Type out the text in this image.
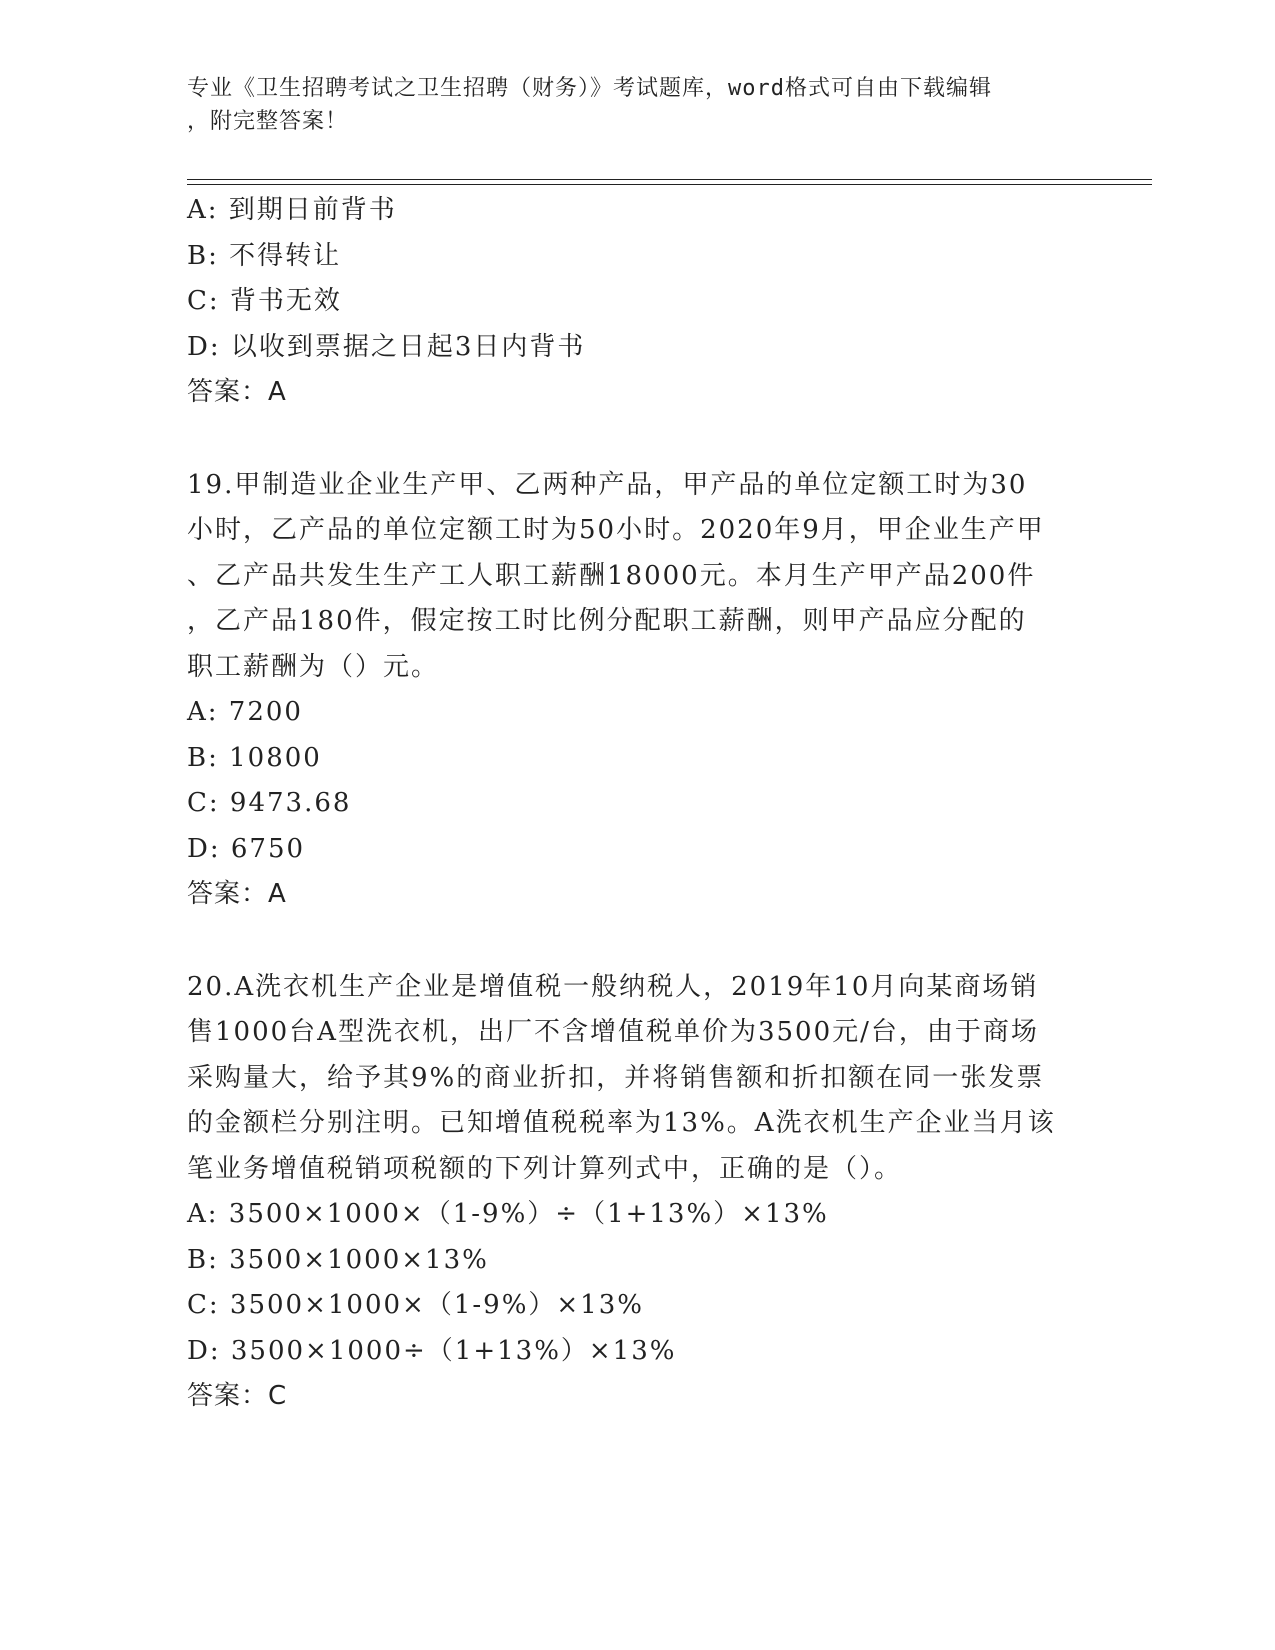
专业《卫生招聘考试之卫生招聘（财务）》考试题库，word格式可自由下载编辑
，附完整答案！
A: 到期日前背书
B: 不得转让
C: 背书无效
D: 以收到票据之日起3日内背书
答案：A
19.甲制造业企业生产甲、乙两种产品，甲产品的单位定额工时为30
小时，乙产品的单位定额工时为50小时。2020年9月，甲企业生产甲
、乙产品共发生生产工人职工薪酬18000元。本月生产甲产品200件
，乙产品180件，假定按工时比例分配职工薪酬，则甲产品应分配的
职工薪酬为（）元。
A: 7200
B: 10800
C: 9473.68
D: 6750
答案：A
20.A洗衣机生产企业是增值税一般纳税人，2019年10月向某商场销
售1000台A型洗衣机，出厂不含增值税单价为3500元/台，由于商场
采购量大，给予其9%的商业折扣，并将销售额和折扣额在同一张发票
的金额栏分别注明。已知增值税税率为13%。A洗衣机生产企业当月该
笔业务增值税销项税额的下列计算列式中，正确的是（）。
A: 3500×1000×（1-9%）÷（1+13%）×13%
B: 3500×1000×13%
C: 3500×1000×（1-9%）×13%
D: 3500×1000÷（1+13%）×13%
答案：C
